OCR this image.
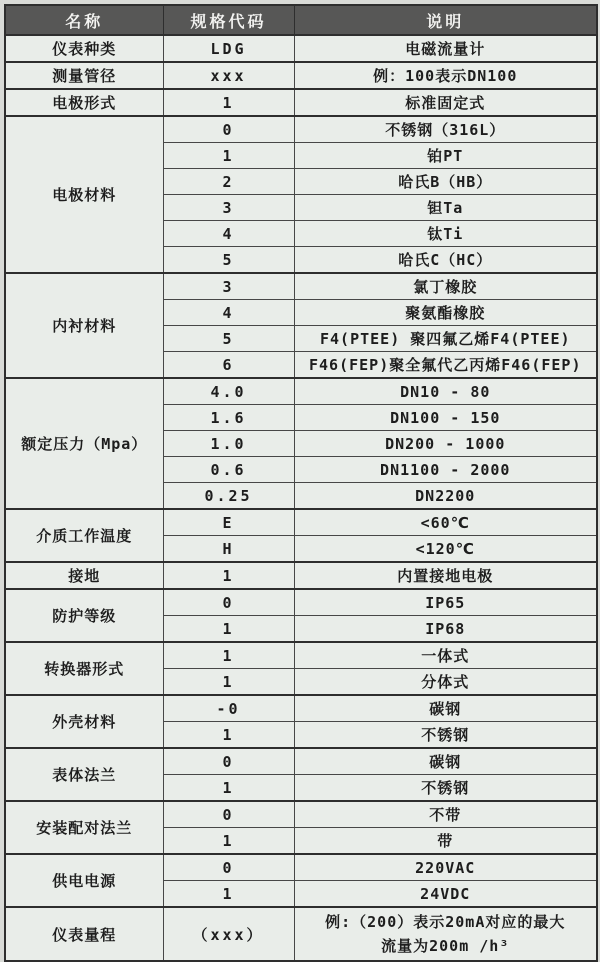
名称	规格代码	说明
仪表种类	LDG	电磁流量计
测量管径	xxx	例：100表示DN100
电极形式	1	标准固定式
电极材料	0	不锈钢（316L）
	1	铂PT
	2	哈氏B（HB）
	3	钽Ta
	4	钛Ti
	5	哈氏C（HC）
内衬材料	3	氯丁橡胶
	4	聚氨酯橡胶
	5	F4(PTEE) 聚四氟乙烯F4(PTEE)
	6	F46(FEP)聚全氟代乙丙烯F46(FEP)
额定压力（Mpa）	4.0	DN10 - 80
	1.6	DN100 - 150
	1.0	DN200 - 1000
	0.6	DN1100 - 2000
	0.25	DN2200
介质工作温度	E	<60℃
	H	<120℃
接地	1	内置接地电极
防护等级	0	IP65
	1	IP68
转换器形式	1	一体式
	1	分体式
外壳材料	-0	碳钢
	1	不锈钢
表体法兰	0	碳钢
	1	不锈钢
安装配对法兰	0	不带
	1	带
供电电源	0	220VAC
	1	24VDC
仪表量程	（xxx）	例:（200）表示20mA对应的最大
流量为200m /h³
